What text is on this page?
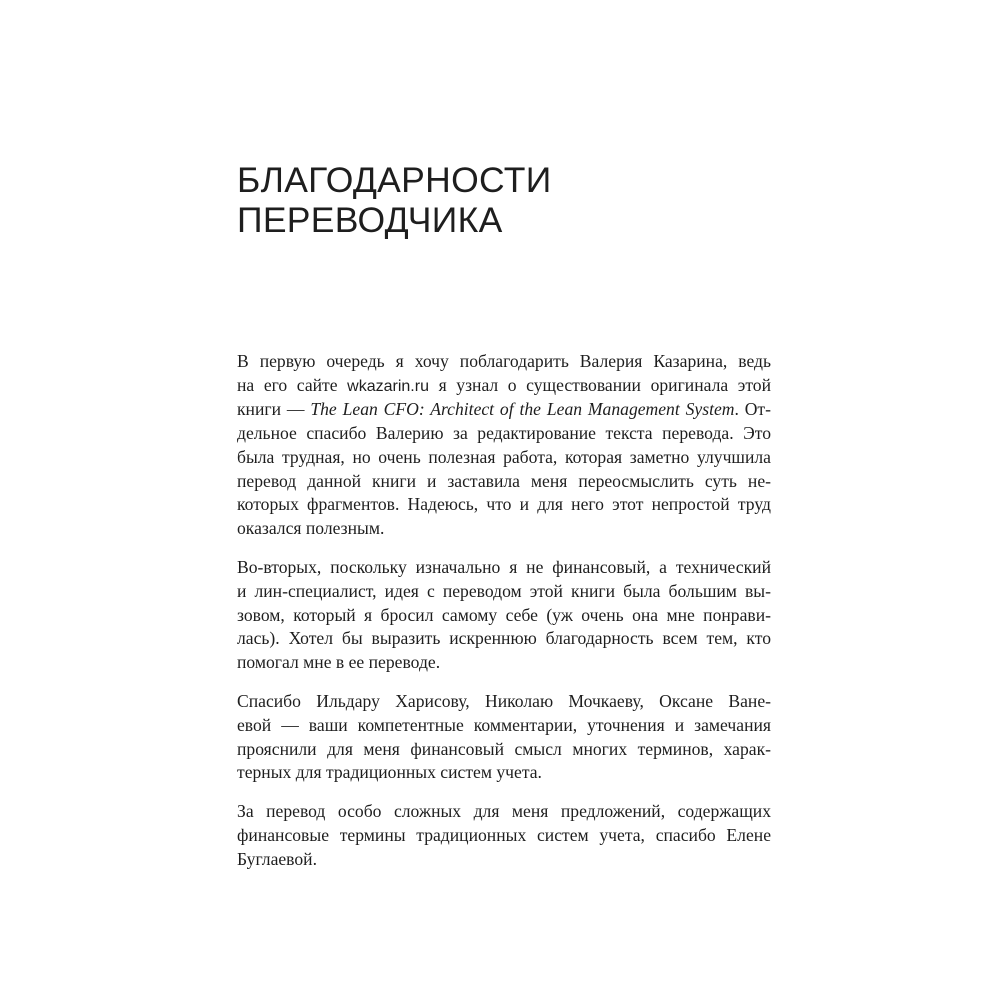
БЛАГОДАРНОСТИ
ПЕРЕВОДЧИКА

В первую очередь я хочу поблагодарить Валерия Казарина, ведь
на его сайте wkazarin.ru я узнал о существовании оригинала этой
книги — The Lean CFO: Architect of the Lean Management System. От-
дельное спасибо Валерию за редактирование текста перевода. Это
была трудная, но очень полезная работа, которая заметно улучшила
перевод данной книги и заставила меня переосмыслить суть не-
которых фрагментов. Надеюсь, что и для него этот непростой труд
оказался полезным.

Во-вторых, поскольку изначально я не финансовый, а технический
и лин-специалист, идея с переводом этой книги была большим вы-
зовом, который я бросил самому себе (уж очень она мне понрави-
лась). Хотел бы выразить искреннюю благодарность всем тем, кто
помогал мне в ее переводе.

Спасибо Ильдару Харисову, Николаю Мочкаеву, Оксане Ване-
евой — ваши компетентные комментарии, уточнения и замечания
прояснили для меня финансовый смысл многих терминов, харак-
терных для традиционных систем учета.

За перевод особо сложных для меня предложений, содержащих
финансовые термины традиционных систем учета, спасибо Елене
Буглаевой.
